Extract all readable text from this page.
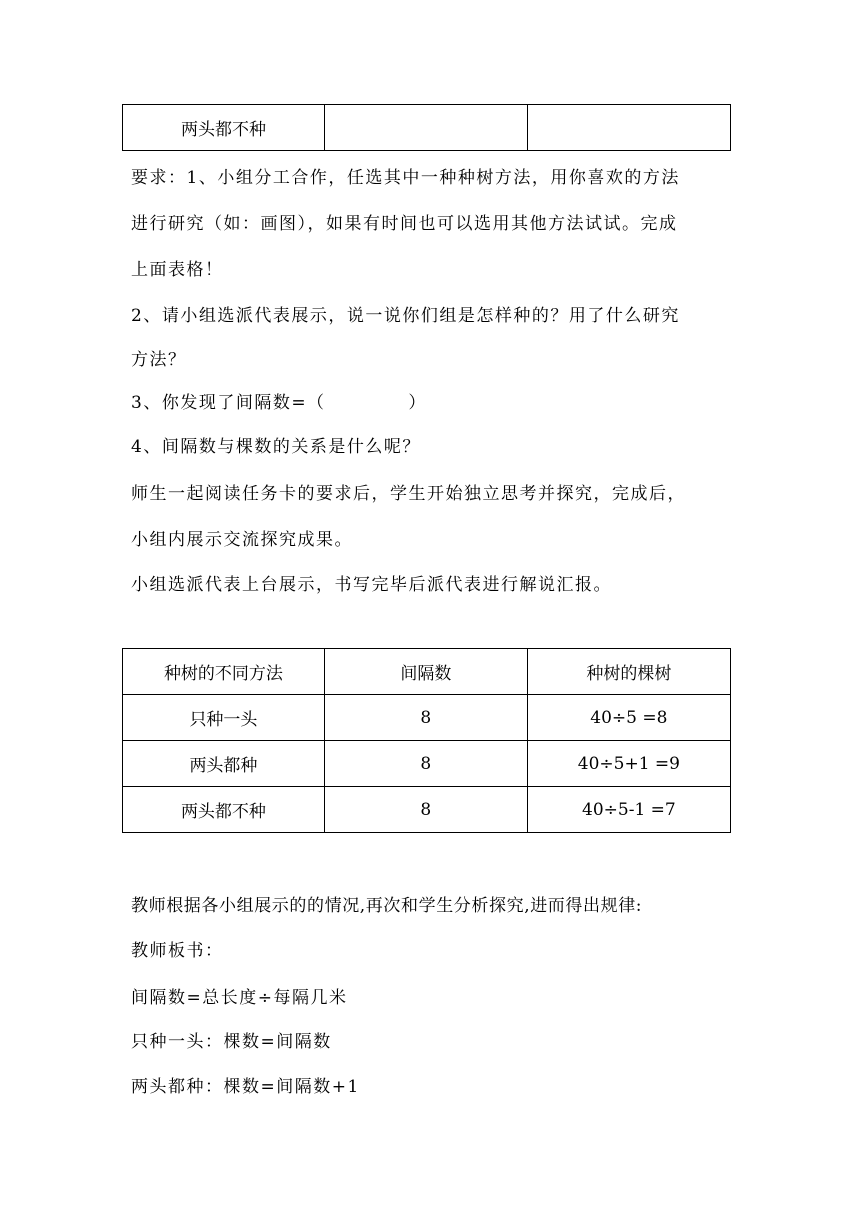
两头都不种		
要求：1、小组分工合作，任选其中一种种树方法，用你喜欢的方法
进行研究（如：画图），如果有时间也可以选用其他方法试试。完成
上面表格！
2、请小组选派代表展示，说一说你们组是怎样种的？用了什么研究
方法？
3、你发现了间隔数=（            ）
4、间隔数与棵数的关系是什么呢？
师生一起阅读任务卡的要求后，学生开始独立思考并探究，完成后，
小组内展示交流探究成果。
小组选派代表上台展示，书写完毕后派代表进行解说汇报。
种树的不同方法	间隔数	种树的棵树
只种一头	8	40÷5 =8
两头都种	8	40÷5+1 =9
两头都不种	8	40÷5-1 =7
教师根据各小组展示的的情况,再次和学生分析探究,进而得出规律:
教师板书：
间隔数=总长度÷每隔几米
只种一头：棵数=间隔数
两头都种：棵数=间隔数+1
